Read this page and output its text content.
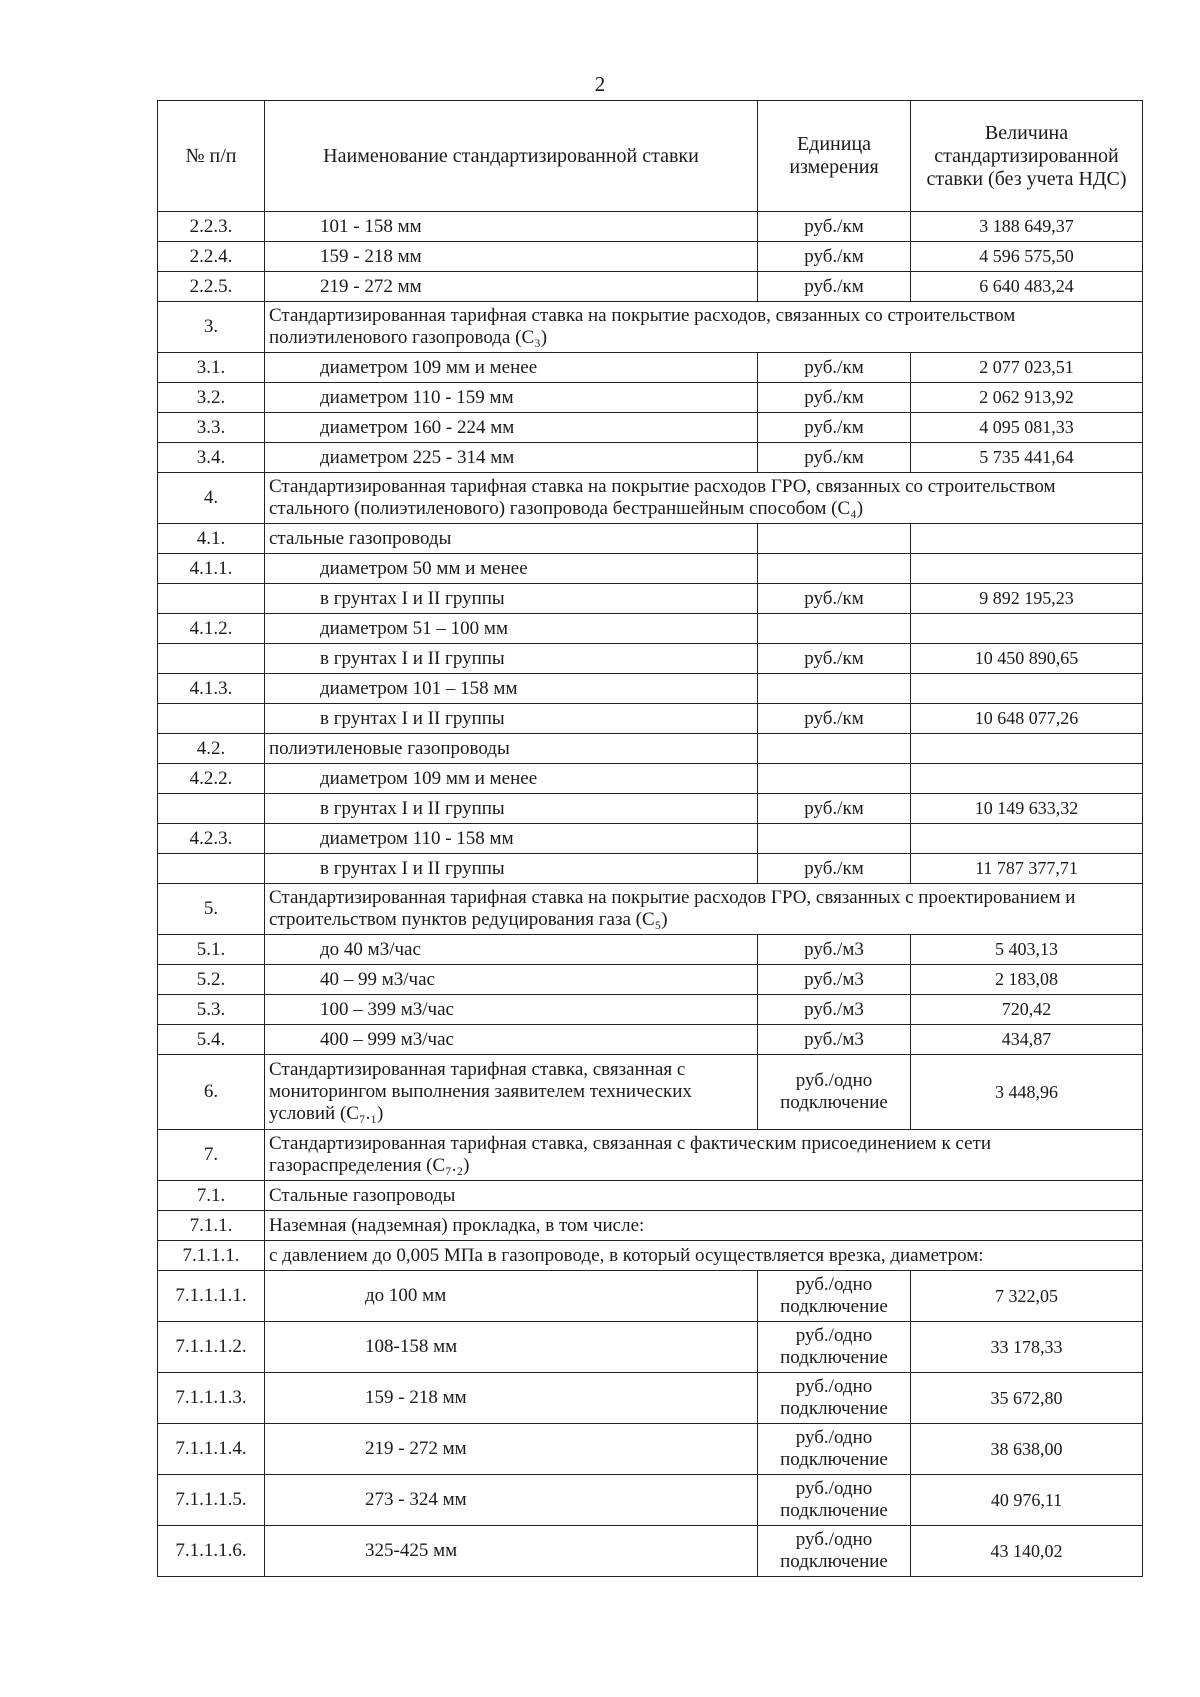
2
№ п/п	Наименование стандартизированной ставки	Единица измерения	Величина стандартизированной ставки (без учета НДС)
2.2.3.	101 - 158 мм	руб./км	3 188 649,37
2.2.4.	159 - 218 мм	руб./км	4 596 575,50
2.2.5.	219 - 272 мм	руб./км	6 640 483,24
3.	Стандартизированная тарифная ставка на покрытие расходов, связанных со строительством полиэтиленового газопровода (С₃)		
3.1.	диаметром 109 мм и менее	руб./км	2 077 023,51
3.2.	диаметром 110 - 159 мм	руб./км	2 062 913,92
3.3.	диаметром 160 - 224 мм	руб./км	4 095 081,33
3.4.	диаметром 225 - 314 мм	руб./км	5 735 441,64
4.	Стандартизированная тарифная ставка на покрытие расходов ГРО, связанных со строительством стального (полиэтиленового) газопровода бестраншейным способом (С₄)		
4.1.	стальные газопроводы		
4.1.1.	диаметром 50 мм и менее		
	в грунтах I и II группы	руб./км	9 892 195,23
4.1.2.	диаметром 51 – 100 мм		
	в грунтах I и II группы	руб./км	10 450 890,65
4.1.3.	диаметром 101 – 158 мм		
	в грунтах I и II группы	руб./км	10 648 077,26
4.2.	полиэтиленовые газопроводы		
4.2.2.	диаметром 109 мм и менее		
	в грунтах I и II группы	руб./км	10 149 633,32
4.2.3.	диаметром 110 - 158 мм		
	в грунтах I и II группы	руб./км	11 787 377,71
5.	Стандартизированная тарифная ставка на покрытие расходов ГРО, связанных с проектированием и строительством пунктов редуцирования газа (С₅)		
5.1.	до 40 м3/час	руб./м3	5 403,13
5.2.	40 – 99 м3/час	руб./м3	2 183,08
5.3.	100 – 399 м3/час	руб./м3	720,42
5.4.	400 – 999 м3/час	руб./м3	434,87
6.	Стандартизированная тарифная ставка, связанная с мониторингом выполнения заявителем технических условий (С₇.₁)	руб./одно подключение	3 448,96
7.	Стандартизированная тарифная ставка, связанная с фактическим присоединением к сети газораспределения (С₇.₂)		
7.1.	Стальные газопроводы		
7.1.1.	Наземная (надземная) прокладка, в том числе:		
7.1.1.1.	с давлением до 0,005 МПа в газопроводе, в который осуществляется врезка, диаметром:		
7.1.1.1.1.	до 100 мм	руб./одно подключение	7 322,05
7.1.1.1.2.	108-158 мм	руб./одно подключение	33 178,33
7.1.1.1.3.	159 - 218 мм	руб./одно подключение	35 672,80
7.1.1.1.4.	219 - 272 мм	руб./одно подключение	38 638,00
7.1.1.1.5.	273 - 324 мм	руб./одно подключение	40 976,11
7.1.1.1.6.	325-425 мм	руб./одно подключение	43 140,02
